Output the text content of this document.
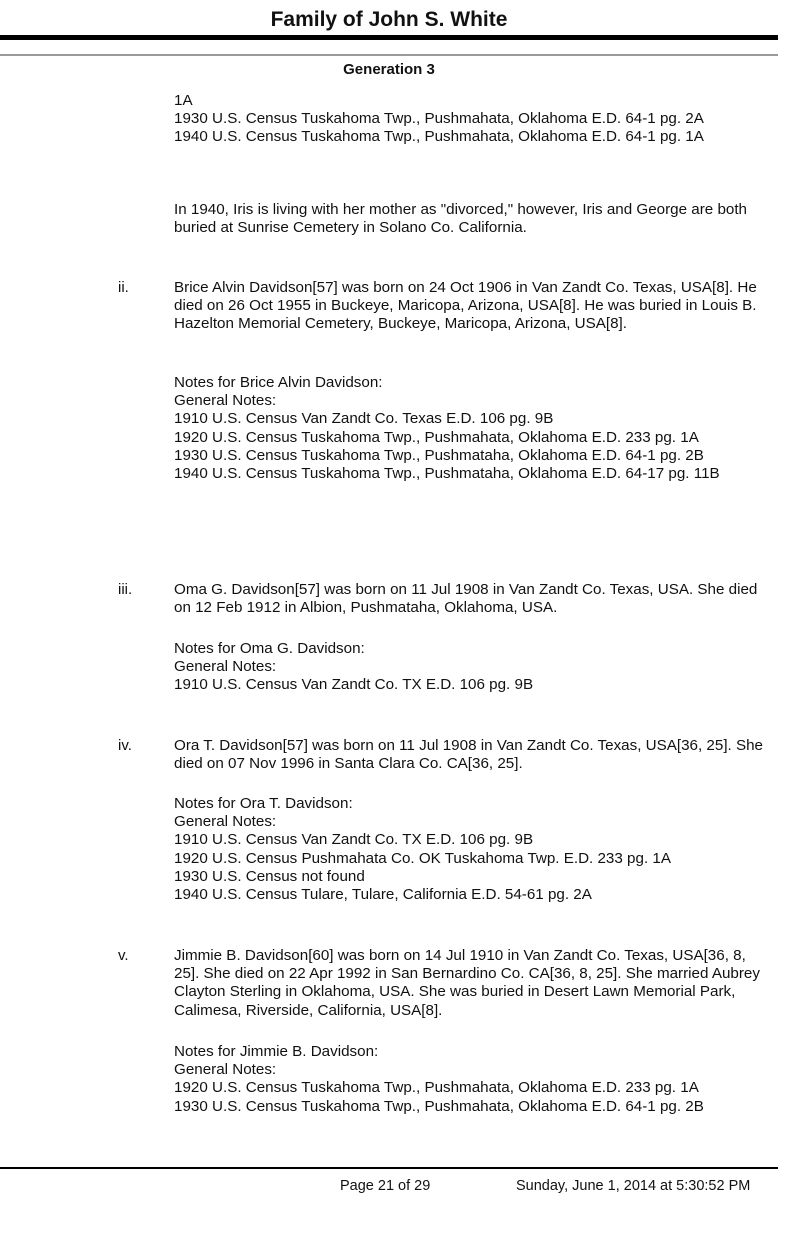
Family of John S. White
Generation 3

1A
1930 U.S. Census Tuskahoma Twp., Pushmahata, Oklahoma E.D. 64-1 pg. 2A
1940 U.S. Census Tuskahoma Twp., Pushmahata, Oklahoma E.D. 64-1 pg. 1A

In 1940, Iris is living with her mother as "divorced," however, Iris and George are both buried at Sunrise Cemetery in Solano Co. California.

ii.	Brice Alvin Davidson[57] was born on 24 Oct 1906 in Van Zandt Co. Texas, USA[8]. He died on 26 Oct 1955 in Buckeye, Maricopa, Arizona, USA[8]. He was buried in Louis B. Hazelton Memorial Cemetery, Buckeye, Maricopa, Arizona, USA[8].

Notes for Brice Alvin Davidson:
General Notes:
1910 U.S. Census Van Zandt Co. Texas E.D. 106 pg. 9B
1920 U.S. Census Tuskahoma Twp., Pushmahata, Oklahoma E.D. 233 pg. 1A
1930 U.S. Census Tuskahoma Twp., Pushmataha, Oklahoma E.D. 64-1 pg. 2B
1940 U.S. Census Tuskahoma Twp., Pushmataha, Oklahoma E.D. 64-17 pg. 11B

iii.	Oma G. Davidson[57] was born on 11 Jul 1908 in Van Zandt Co. Texas, USA. She died on 12 Feb 1912 in Albion, Pushmataha, Oklahoma, USA.

Notes for Oma G. Davidson:
General Notes:
1910 U.S. Census Van Zandt Co. TX E.D. 106 pg. 9B

iv.	Ora T. Davidson[57] was born on 11 Jul 1908 in Van Zandt Co. Texas, USA[36, 25]. She died on 07 Nov 1996 in Santa Clara Co. CA[36, 25].

Notes for Ora T. Davidson:
General Notes:
1910 U.S. Census Van Zandt Co. TX E.D. 106 pg. 9B
1920 U.S. Census Pushmahata Co. OK Tuskahoma Twp. E.D. 233 pg. 1A
1930 U.S. Census not found
1940 U.S. Census Tulare, Tulare, California E.D. 54-61 pg. 2A

v.	Jimmie B. Davidson[60] was born on 14 Jul 1910 in Van Zandt Co. Texas, USA[36, 8, 25]. She died on 22 Apr 1992 in San Bernardino Co. CA[36, 8, 25]. She married Aubrey Clayton Sterling in Oklahoma, USA. She was buried in Desert Lawn Memorial Park, Calimesa, Riverside, California, USA[8].

Notes for Jimmie B. Davidson:
General Notes:
1920 U.S. Census Tuskahoma Twp., Pushmahata, Oklahoma E.D. 233 pg. 1A
1930 U.S. Census Tuskahoma Twp., Pushmahata, Oklahoma E.D. 64-1 pg. 2B

Page 21 of 29	Sunday, June 1, 2014 at 5:30:52 PM
